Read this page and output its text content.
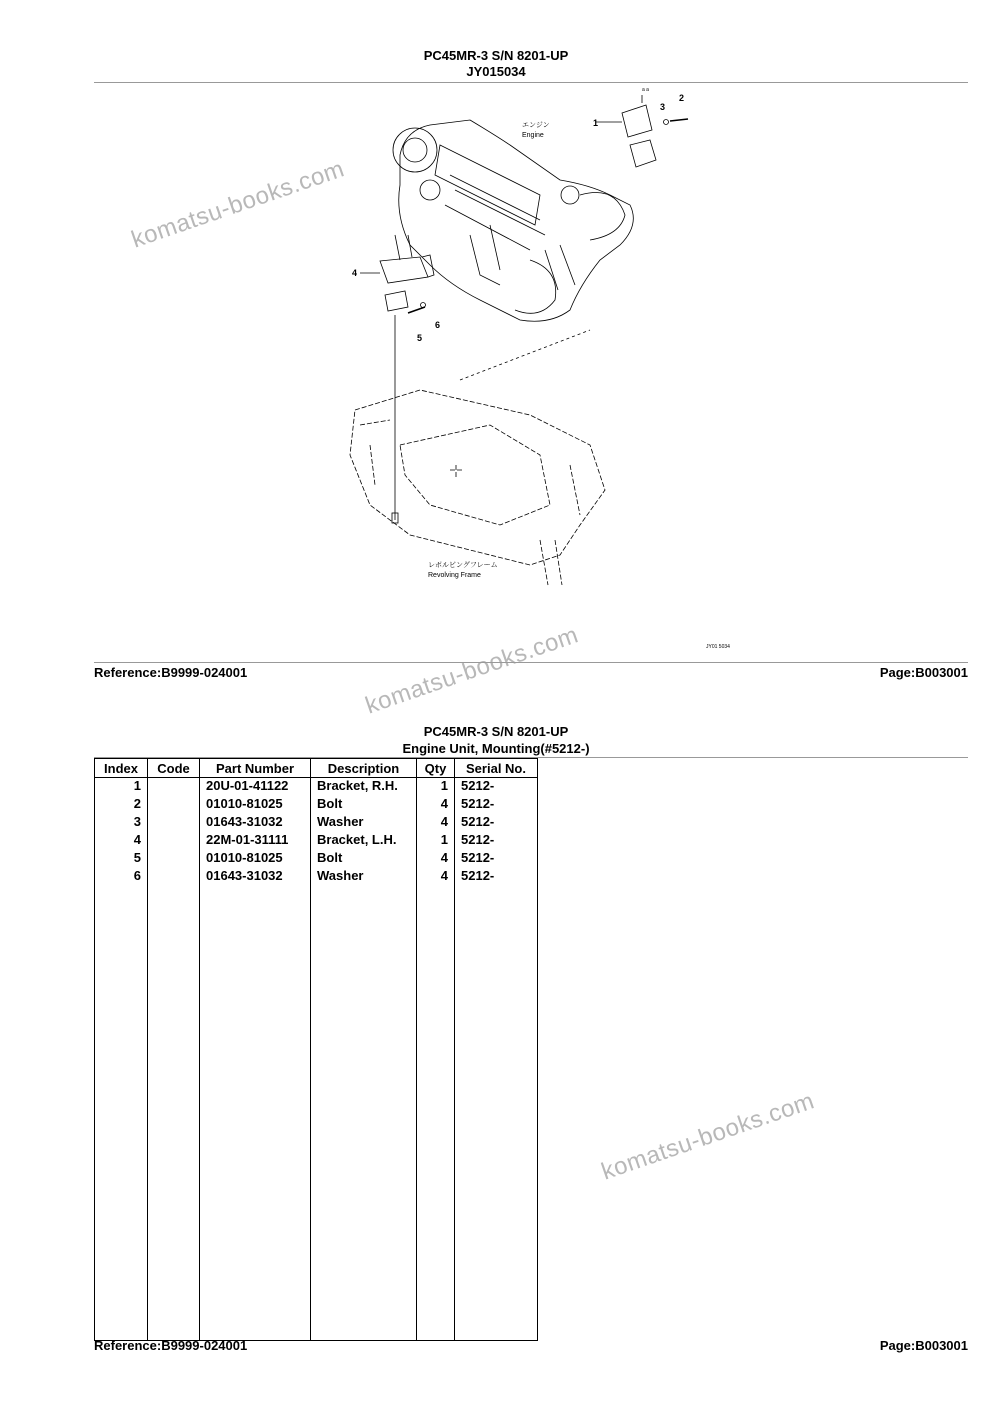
PC45MR-3 S/N 8201-UP
JY015034
エンジン
Engine
a a
1
2
3
4
5
6
レボルビングフレーム
Revolving Frame
JY01 5034
komatsu-books.com
komatsu-books.com
komatsu-books.com
Reference:B9999-024001	Page:B003001
PC45MR-3 S/N 8201-UP
Engine Unit, Mounting(#5212-)
Index	Code	Part Number	Description	Qty	Serial No.
1		20U-01-41122	Bracket, R.H.	1	5212-
2		01010-81025	Bolt	4	5212-
3		01643-31032	Washer	4	5212-
4		22M-01-31111	Bracket, L.H.	1	5212-
5		01010-81025	Bolt	4	5212-
6		01643-31032	Washer	4	5212-

Reference:B9999-024001	Page:B003001
